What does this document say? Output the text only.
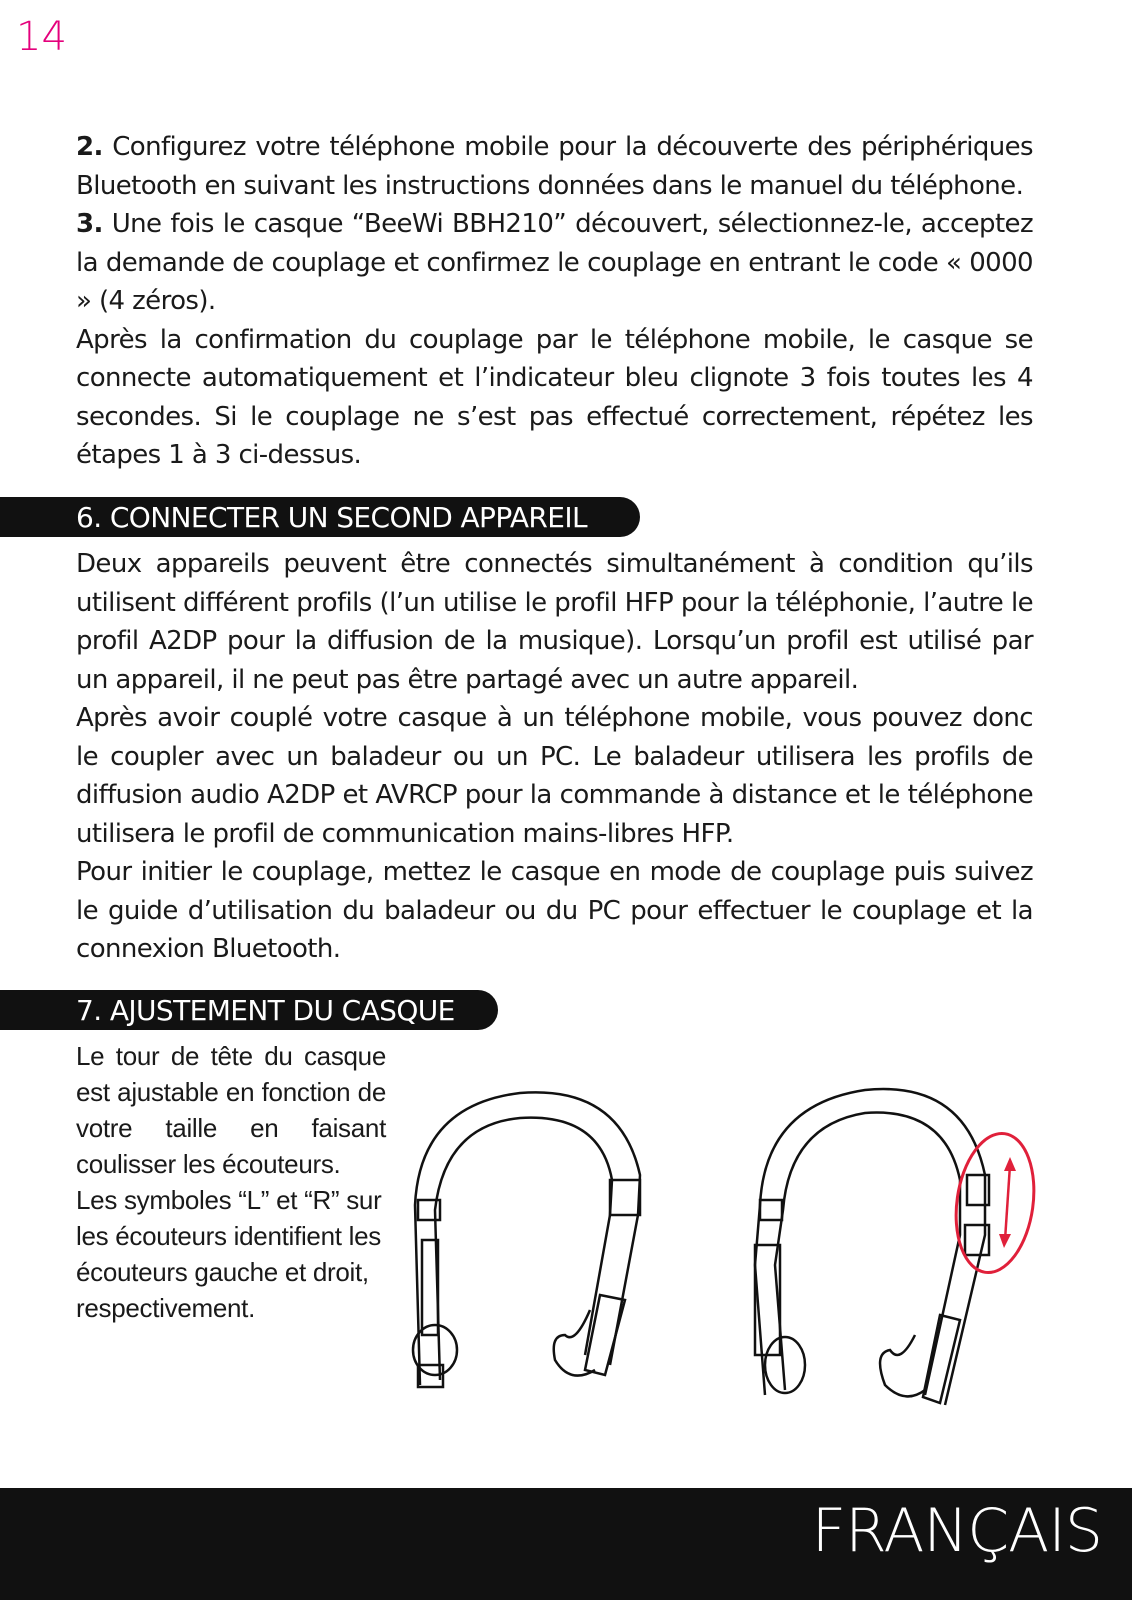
14

2. Configurez votre téléphone mobile pour la découverte des périphériques Bluetooth en suivant les instructions données dans le manuel du téléphone.

3. Une fois le casque “BeeWi BBH210” découvert, sélectionnez-le, acceptez la demande de couplage et confirmez le couplage en entrant le code « 0000 » (4 zéros).

Après la confirmation du couplage par le téléphone mobile, le casque se connecte automatiquement et l’indicateur bleu clignote 3 fois toutes les 4 secondes. Si le couplage ne s’est pas effectué correctement, répétez les étapes 1 à 3 ci-dessus.

6. CONNECTER UN SECOND APPAREIL

Deux appareils peuvent être connectés simultanément à condition qu’ils utilisent différent profils (l’un utilise le profil HFP pour la téléphonie, l’autre le profil A2DP pour la diffusion de la musique). Lorsqu’un profil est utilisé par un appareil, il ne peut pas être partagé avec un autre appareil.

Après avoir couplé votre casque à un téléphone mobile, vous pouvez donc le coupler avec un baladeur ou un PC. Le baladeur utilisera les profils de diffusion audio A2DP et AVRCP pour la commande à distance et le téléphone utilisera le profil de communication mains-libres HFP.

Pour initier le couplage, mettez le casque en mode de couplage puis suivez le guide d’utilisation du baladeur ou du PC pour effectuer le couplage et la connexion Bluetooth.

7. AJUSTEMENT DU CASQUE

Le tour de tête du casque est ajustable en fonction de votre taille en faisant coulisser les écouteurs.

Les symboles “L” et “R” sur les écouteurs identifient les écouteurs gauche et droit, respectivement.

FRANÇAIS
